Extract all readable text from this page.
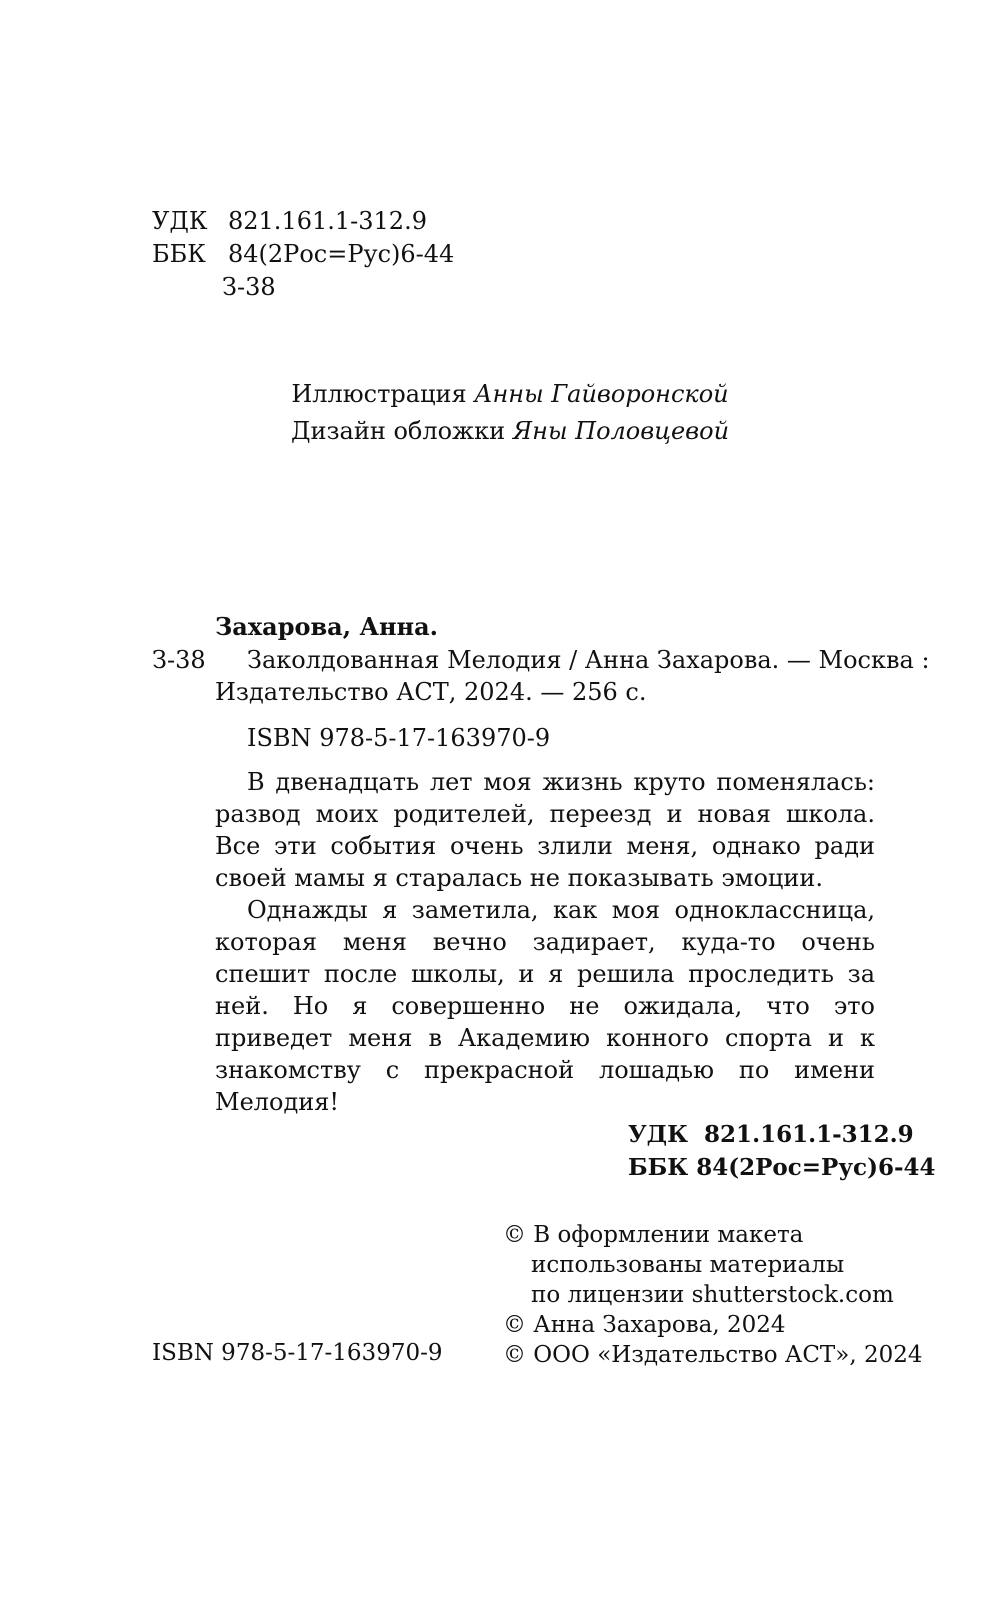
УДК 821.161.1-312.9
ББК 84(2Рос=Рус)6-44
З-38
Иллюстрация Анны Гайворонской
Дизайн обложки Яны Половцевой
Захарова, Анна.
З-38 Заколдованная Мелодия / Анна Захарова. — Москва :
Издательство АСТ, 2024. — 256 с.
ISBN 978-5-17-163970-9

В двенадцать лет моя жизнь круто поменялась: развод моих родителей, переезд и новая школа. Все эти события очень злили меня, однако ради своей мамы я старалась не показывать эмоции.

Однажды я заметила, как моя одноклассница, которая меня вечно задирает, куда-то очень спешит после школы, и я решила проследить за ней. Но я совершенно не ожидала, что это приведет меня в Академию конного спорта и к знакомству с прекрасной лошадью по имени Мелодия!

УДК  821.161.1-312.9
ББК 84(2Рос=Рус)6-44
ISBN 978-5-17-163970-9
© В оформлении макета
использованы материалы
по лицензии shutterstock.com
© Анна Захарова, 2024
© ООО «Издательство АСТ», 2024
